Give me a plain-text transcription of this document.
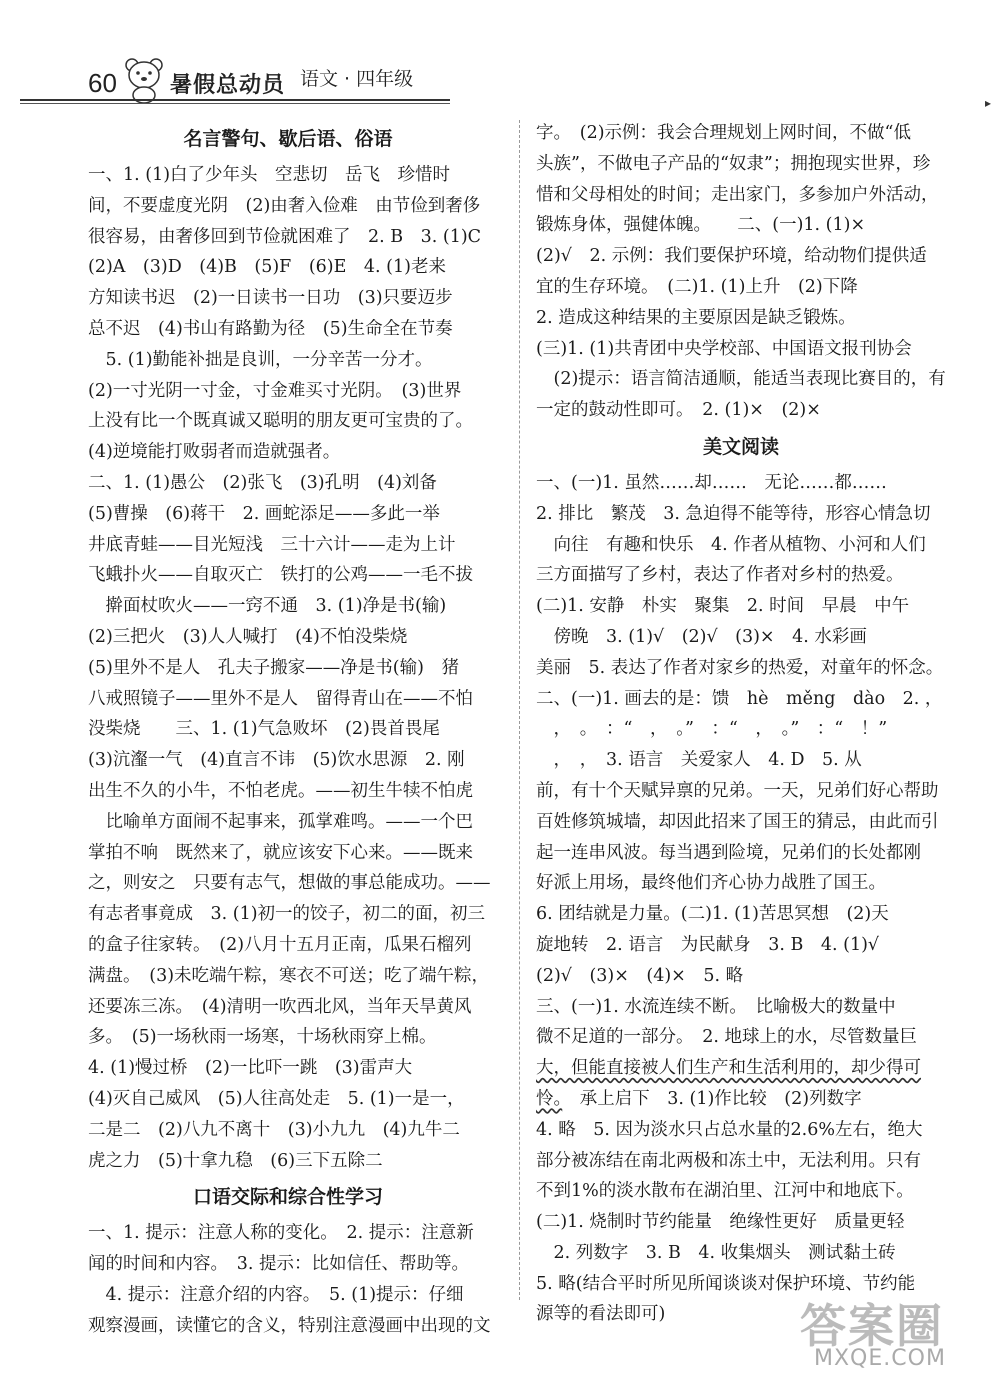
60 暑假总动员 语文 · 四年级
▸
名言警句、歇后语、俗语
一、1. (1)白了少年头　空悲切　岳飞　珍惜时
间，不要虚度光阴　(2)由奢入俭难　由节俭到奢侈
很容易，由奢侈回到节俭就困难了　2. B　3. (1)C
(2)A　(3)D　(4)B　(5)F　(6)E　4. (1)老来
方知读书迟　(2)一日读书一日功　(3)只要迈步
总不迟　(4)书山有路勤为径　(5)生命全在节奏
　5. (1)勤能补拙是良训，一分辛苦一分才。
(2)一寸光阴一寸金，寸金难买寸光阴。　(3)世界
上没有比一个既真诚又聪明的朋友更可宝贵的了。
(4)逆境能打败弱者而造就强者。
二、1. (1)愚公　(2)张飞　(3)孔明　(4)刘备
(5)曹操　(6)蒋干　2. 画蛇添足——多此一举
井底青蛙——目光短浅　三十六计——走为上计
飞蛾扑火——自取灭亡　铁打的公鸡——一毛不拔
　擀面杖吹火——一窍不通　3. (1)净是书(输)
(2)三把火　(3)人人喊打　(4)不怕没柴烧
(5)里外不是人　孔夫子搬家——净是书(输)　猪
八戒照镜子——里外不是人　留得青山在——不怕
没柴烧　　三、1. (1)气急败坏　(2)畏首畏尾
(3)沆瀣一气　(4)直言不讳　(5)饮水思源　2. 刚
出生不久的小牛，不怕老虎。——初生牛犊不怕虎
　比喻单方面闹不起事来，孤掌难鸣。——一个巴
掌拍不响　既然来了，就应该安下心来。——既来
之，则安之　只要有志气，想做的事总能成功。——
有志者事竟成　3. (1)初一的饺子，初二的面，初三
的盒子往家转。　(2)八月十五月正南，瓜果石榴列
满盘。　(3)未吃端午粽，寒衣不可送；吃了端午粽，
还要冻三冻。　(4)清明一吹西北风，当年天旱黄风
多。　(5)一场秋雨一场寒，十场秋雨穿上棉。
4. (1)慢过桥　(2)一比吓一跳　(3)雷声大
(4)灭自己威风　(5)人往高处走　5. (1)一是一，
二是二　(2)八九不离十　(3)小九九　(4)九牛二
虎之力　(5)十拿九稳　(6)三下五除二
口语交际和综合性学习
一、1. 提示：注意人称的变化。　2. 提示：注意新
闻的时间和内容。　3. 提示：比如信任、帮助等。
　4. 提示：注意介绍的内容。　5. (1)提示：仔细
观察漫画，读懂它的含义，特别注意漫画中出现的文
字。　(2)示例：我会合理规划上网时间，不做“低
头族”，不做电子产品的“奴隶”；拥抱现实世界，珍
惜和父母相处的时间；走出家门，多参加户外活动，
锻炼身体，强健体魄。　　二、(一)1. (1)×
(2)√　2. 示例：我们要保护环境，给动物们提供适
宜的生存环境。　(二)1. (1)上升　(2)下降
2. 造成这种结果的主要原因是缺乏锻炼。
(三)1. (1)共青团中央学校部、中国语文报刊协会
　(2)提示：语言简洁通顺，能适当表现比赛目的，有
一定的鼓动性即可。　2. (1)×　(2)×
美文阅读
一、(一)1. 虽然……却……　无论……都……
2. 排比　繁茂　3. 急迫得不能等待，形容心情急切
　向往　有趣和快乐　4. 作者从植物、小河和人们
三方面描写了乡村，表达了作者对乡村的热爱。
(二)1. 安静　朴实　聚集　2. 时间　早晨　中午
　傍晚　3. (1)√　(2)√　(3)×　4. 水彩画
美丽　5. 表达了作者对家乡的热爱，对童年的怀念。
二、(一)1. 画去的是：馈　hè　měng　dào　2. ，
　，　。　：“　，　。”　：“　，　。”　：“　！”
　，　，　3. 语言　关爱家人　4. D　5. 从
前，有十个天赋异禀的兄弟。一天，兄弟们好心帮助
百姓修筑城墙，却因此招来了国王的猜忌，由此而引
起一连串风波。每当遇到险境，兄弟们的长处都刚
好派上用场，最终他们齐心协力战胜了国王。
6. 团结就是力量。(二)1. (1)苦思冥想　(2)天
旋地转　2. 语言　为民献身　3. B　4. (1)√
(2)√　(3)×　(4)×　5. 略
三、(一)1. 水流连续不断。　比喻极大的数量中
微不足道的一部分。　2. 地球上的水，尽管数量巨
大，但能直接被人们生产和生活利用的，却少得可
怜。　承上启下　3. (1)作比较　(2)列数字
4. 略　5. 因为淡水只占总水量的2.6%左右，绝大
部分被冻结在南北两极和冻土中，无法利用。只有
不到1%的淡水散布在湖泊里、江河中和地底下。
(二)1. 烧制时节约能量　绝缘性更好　质量更轻
　2. 列数字　3. B　4. 收集烟头　测试黏土砖
5. 略(结合平时所见所闻谈谈对保护环境、节约能
源等的看法即可)	答案圈
MXQE.COM
